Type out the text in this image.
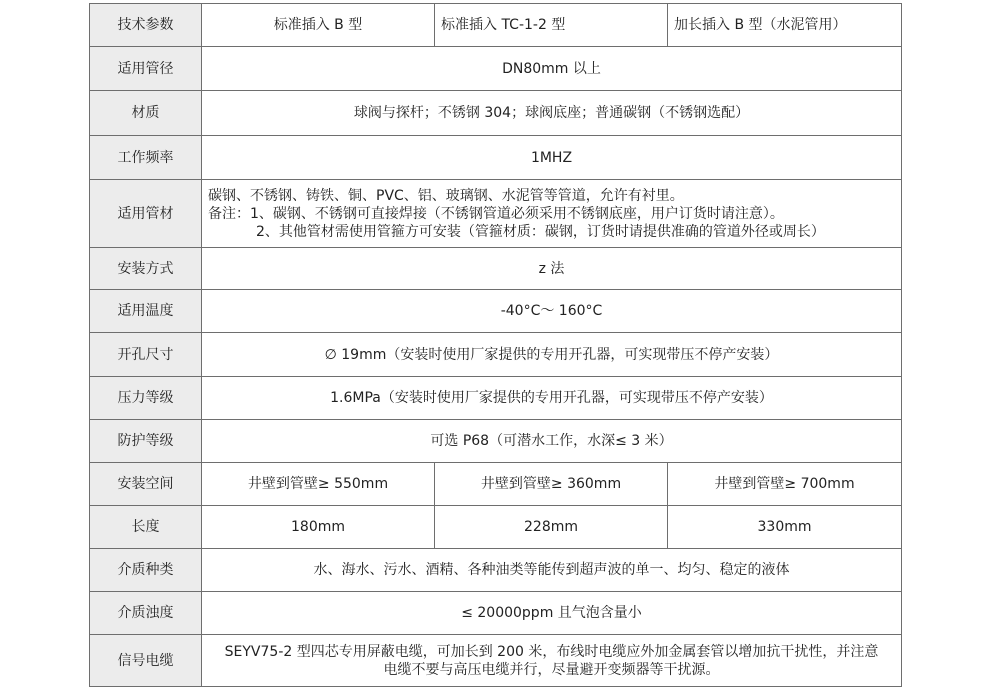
技术参数	标准插入 B 型	标准插入 TC-1-2 型	加长插入 B 型（水泥管用）
适用管径	DN80mm 以上		
材质	球阀与探杆；不锈钢 304；球阀底座；普通碳钢（不锈钢选配）		
工作频率	1MHZ		
适用管材	碳钢、不锈钢、铸铁、铜、PVC、铝、玻璃钢、水泥管等管道，允许有衬里。
备注：1、碳钢、不锈钢可直接焊接（不锈钢管道必须采用不锈钢底座，用户订货时请注意）。
2、其他管材需使用管箍方可安装（管箍材质：碳钢，订货时请提供准确的管道外径或周长）		

安装方式	z 法		
适用温度	-40°C～ 160°C		
开孔尺寸	∅ 19mm（安装时使用厂家提供的专用开孔器，可实现带压不停产安装）		
压力等级	1.6MPa（安装时使用厂家提供的专用开孔器，可实现带压不停产安装）		
防护等级	可选 P68（可潜水工作，水深≤ 3 米）		
安装空间	井壁到管壁≥ 550mm	井壁到管壁≥ 360mm	井壁到管壁≥ 700mm
长度	180mm	228mm	330mm
介质种类	水、海水、污水、酒精、各种油类等能传到超声波的单一、均匀、稳定的液体		
介质浊度	≤ 20000ppm 且气泡含量小		
信号电缆	SEYV75-2 型四芯专用屏蔽电缆，可加长到 200 米，布线时电缆应外加金属套管以增加抗干扰性，并注意
电缆不要与高压电缆并行，尽量避开变频器等干扰源。		
